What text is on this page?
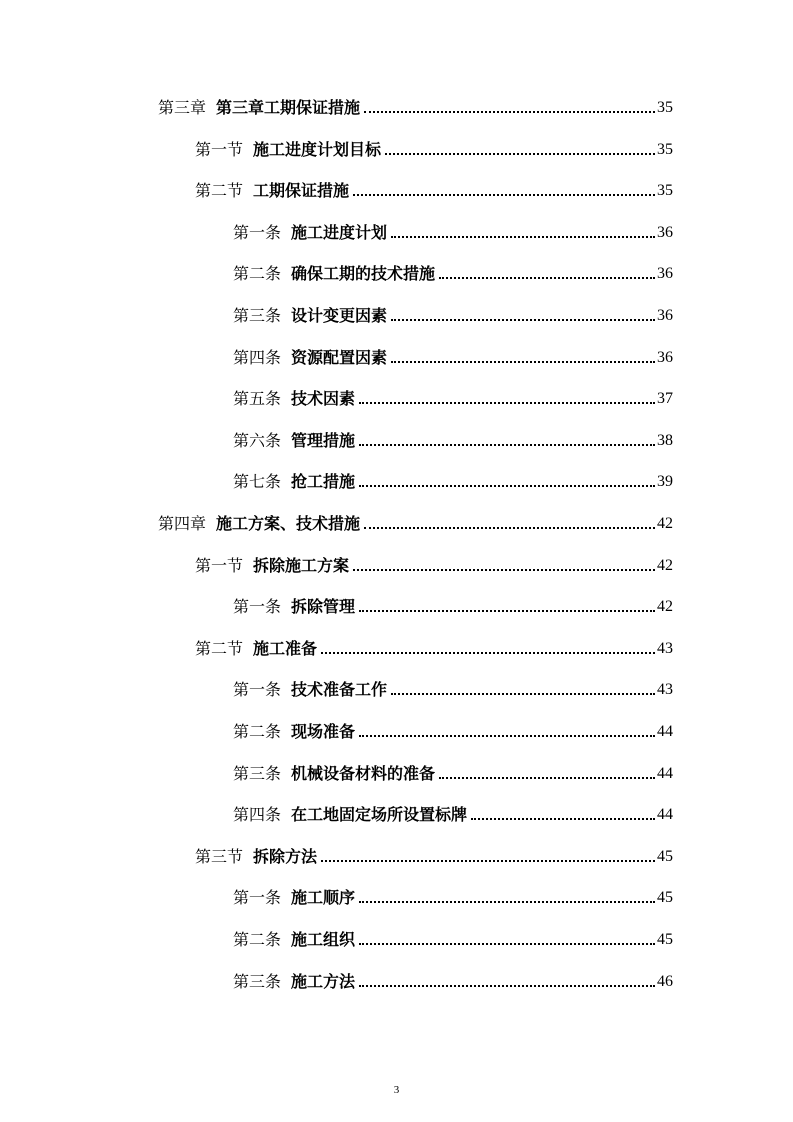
第三章 第三章工期保证措施	35
第一节 施工进度计划目标	35
第二节 工期保证措施	35
第一条 施工进度计划	36
第二条 确保工期的技术措施	36
第三条 设计变更因素	36
第四条 资源配置因素	36
第五条 技术因素	37
第六条 管理措施	38
第七条 抢工措施	39
第四章 施工方案、技术措施	42
第一节 拆除施工方案	42
第一条 拆除管理	42
第二节 施工准备	43
第一条 技术准备工作	43
第二条 现场准备	44
第三条 机械设备材料的准备	44
第四条 在工地固定场所设置标牌	44
第三节 拆除方法	45
第一条 施工顺序	45
第二条 施工组织	45
第三条 施工方法	46
3
